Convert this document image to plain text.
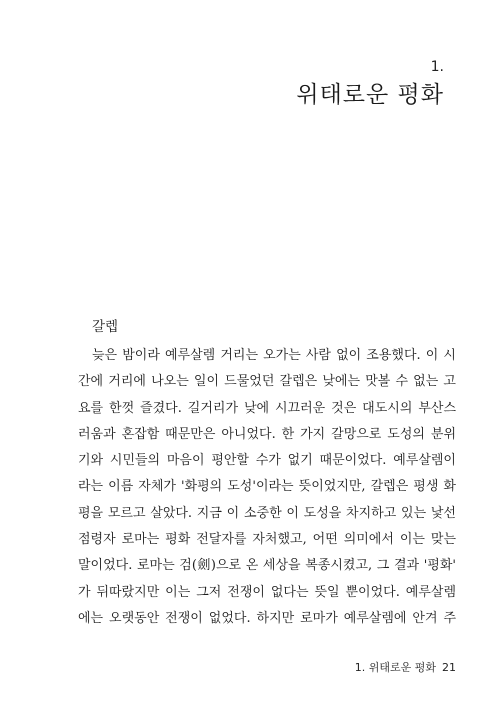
1.
위태로운 평화
갈렙
늦은 밤이라 예루살렘 거리는 오가는 사람 없이 조용했다. 이 시
간에 거리에 나오는 일이 드물었던 갈렙은 낮에는 맛볼 수 없는 고
요를 한껏 즐겼다. 길거리가 낮에 시끄러운 것은 대도시의 부산스
러움과 혼잡함 때문만은 아니었다. 한 가지 갈망으로 도성의 분위
기와 시민들의 마음이 평안할 수가 없기 때문이었다. 예루살렘이
라는 이름 자체가 '화평의 도성'이라는 뜻이었지만, 갈렙은 평생 화
평을 모르고 살았다. 지금 이 소중한 이 도성을 차지하고 있는 낯선
점령자 로마는 평화 전달자를 자처했고, 어떤 의미에서 이는 맞는
말이었다. 로마는 검(劍)으로 온 세상을 복종시켰고, 그 결과 '평화'
가 뒤따랐지만 이는 그저 전쟁이 없다는 뜻일 뿐이었다. 예루살렘
에는 오랫동안 전쟁이 없었다. 하지만 로마가 예루살렘에 안겨 주
1. 위태로운 평화 21
